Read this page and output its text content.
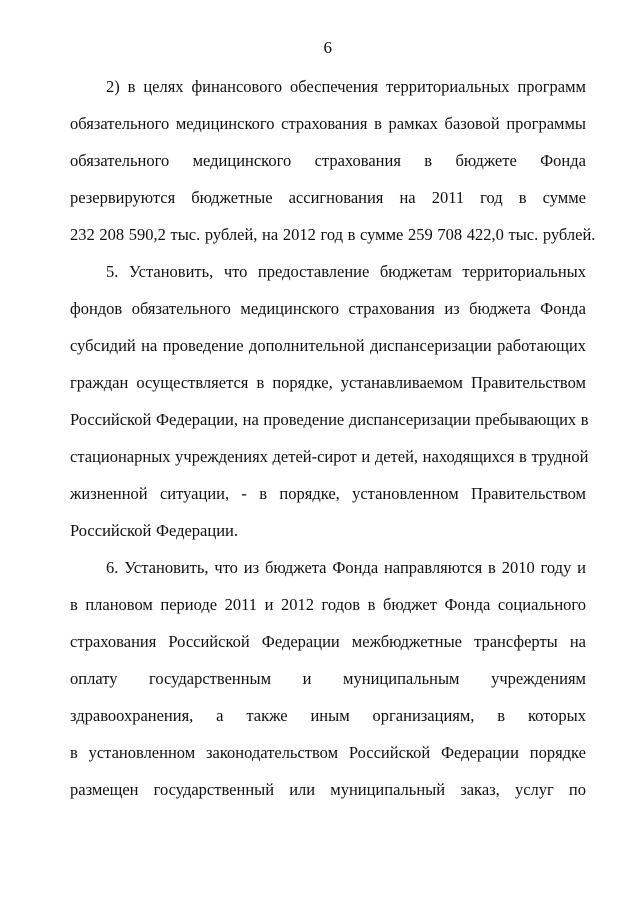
6
2) в целях финансового обеспечения территориальных программ
обязательного медицинского страхования в рамках базовой программы
обязательного медицинского страхования в бюджете Фонда
резервируются бюджетные ассигнования на 2011 год в сумме
232 208 590,2 тыс. рублей, на 2012 год в сумме 259 708 422,0 тыс. рублей.
5. Установить, что предоставление бюджетам территориальных
фондов обязательного медицинского страхования из бюджета Фонда
субсидий на проведение дополнительной диспансеризации работающих
граждан осуществляется в порядке, устанавливаемом Правительством
Российской Федерации, на проведение диспансеризации пребывающих в
стационарных учреждениях детей-сирот и детей, находящихся в трудной
жизненной ситуации, - в порядке, установленном Правительством
Российской Федерации.
6. Установить, что из бюджета Фонда направляются в 2010 году и
в плановом периоде 2011 и 2012 годов в бюджет Фонда социального
страхования Российской Федерации межбюджетные трансферты на
оплату государственным и муниципальным учреждениям
здравоохранения, а также иным организациям, в которых
в установленном законодательством Российской Федерации порядке
размещен государственный или муниципальный заказ, услуг по
